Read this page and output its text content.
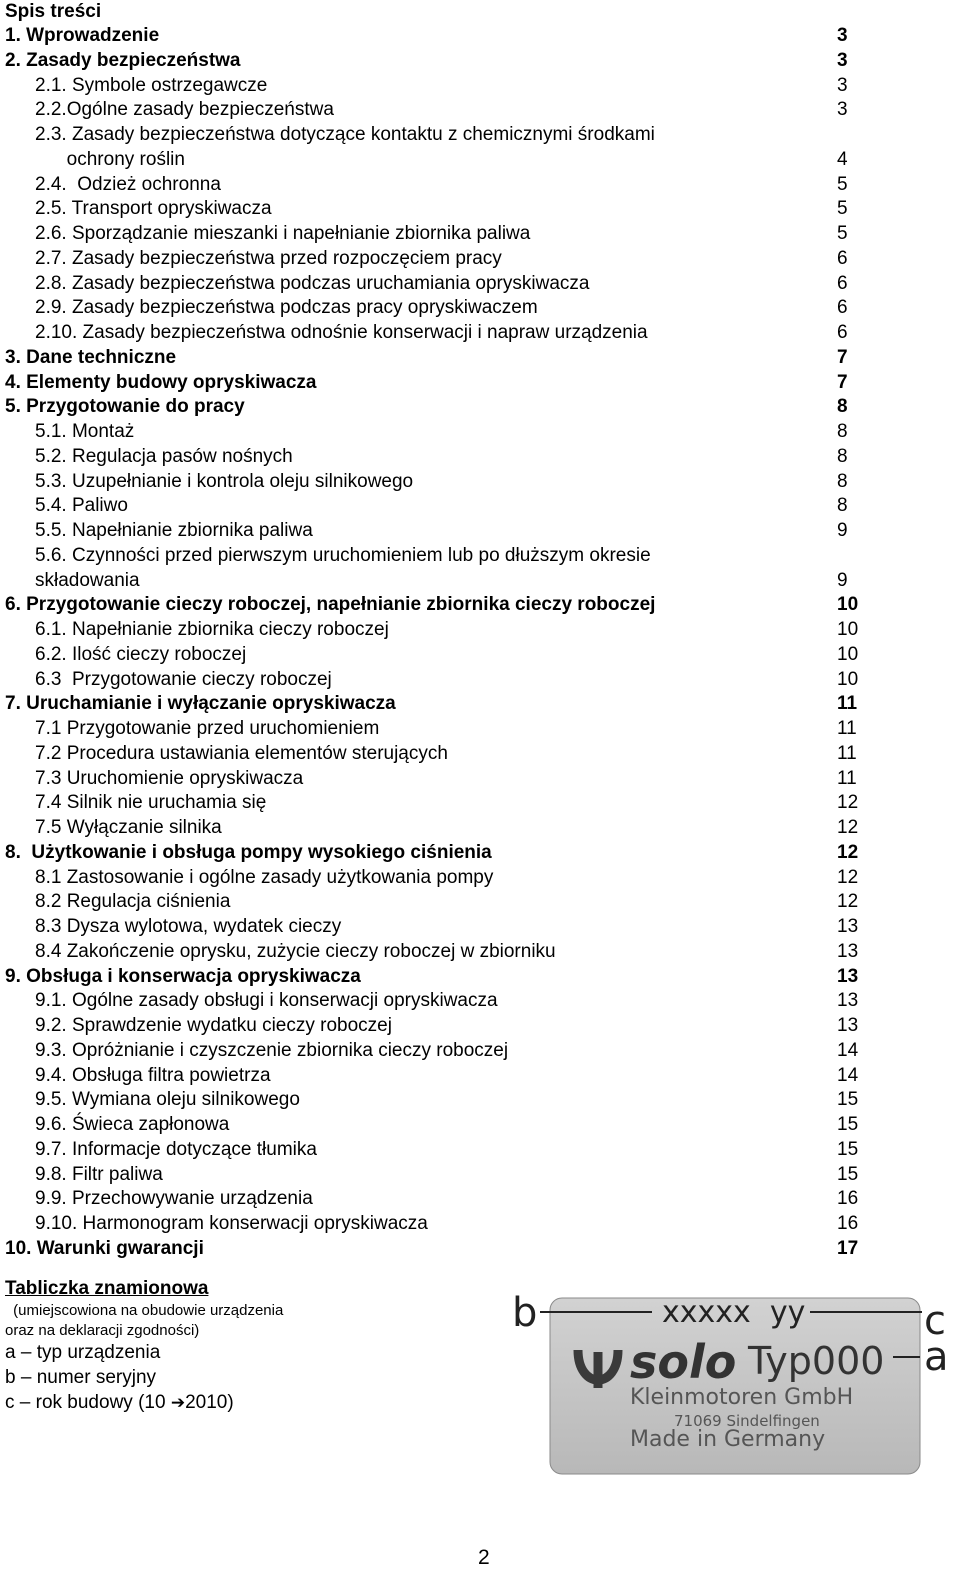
Spis treści
1. Wprowadzenie	3
2. Zasady bezpieczeństwa	3
2.1. Symbole ostrzegawcze	3
2.2.Ogólne zasady bezpieczeństwa	3
2.3. Zasady bezpieczeństwa dotyczące kontaktu z chemicznymi środkami
ochrony roślin	4
2.4.  Odzież ochronna	5
2.5. Transport opryskiwacza	5
2.6. Sporządzanie mieszanki i napełnianie zbiornika paliwa	5
2.7. Zasady bezpieczeństwa przed rozpoczęciem pracy	6
2.8. Zasady bezpieczeństwa podczas uruchamiania opryskiwacza	6
2.9. Zasady bezpieczeństwa podczas pracy opryskiwaczem	6
2.10. Zasady bezpieczeństwa odnośnie konserwacji i napraw urządzenia	6
3. Dane techniczne	7
4. Elementy budowy opryskiwacza	7
5. Przygotowanie do pracy	8
5.1. Montaż	8
5.2. Regulacja pasów nośnych	8
5.3. Uzupełnianie i kontrola oleju silnikowego	8
5.4. Paliwo	8
5.5. Napełnianie zbiornika paliwa	9
5.6. Czynności przed pierwszym uruchomieniem lub po dłuższym okresie
składowania	9
6. Przygotowanie cieczy roboczej, napełnianie zbiornika cieczy roboczej	10
6.1. Napełnianie zbiornika cieczy roboczej	10
6.2. Ilość cieczy roboczej	10
6.3  Przygotowanie cieczy roboczej	10
7. Uruchamianie i wyłączanie opryskiwacza	11
7.1 Przygotowanie przed uruchomieniem	11
7.2 Procedura ustawiania elementów sterujących	11
7.3 Uruchomienie opryskiwacza	11
7.4 Silnik nie uruchamia się	12
7.5 Wyłączanie silnika	12
8.  Użytkowanie i obsługa pompy wysokiego ciśnienia	12
8.1 Zastosowanie i ogólne zasady użytkowania pompy	12
8.2 Regulacja ciśnienia	12
8.3 Dysza wylotowa, wydatek cieczy	13
8.4 Zakończenie oprysku, zużycie cieczy roboczej w zbiorniku	13
9. Obsługa i konserwacja opryskiwacza	13
9.1. Ogólne zasady obsługi i konserwacji opryskiwacza	13
9.2. Sprawdzenie wydatku cieczy roboczej	13
9.3. Opróżnianie i czyszczenie zbiornika cieczy roboczej	14
9.4. Obsługa filtra powietrza	14
9.5. Wymiana oleju silnikowego	15
9.6. Świeca zapłonowa	15
9.7. Informacje dotyczące tłumika	15
9.8. Filtr paliwa	15
9.9. Przechowywanie urządzenia	16
9.10. Harmonogram konserwacji opryskiwacza	16
10. Warunki gwarancji	17
Tabliczka znamionowa
(umiejscowiona na obudowie urządzenia
oraz na deklaracji zgodności)
a – typ urządzenia
b – numer seryjny
c – rok budowy (10 ➔2010)
b	c
a
xxxxx  yy
solo Typ000
Kleinmotoren GmbH
71069 Sindelfingen
Made in Germany
2
